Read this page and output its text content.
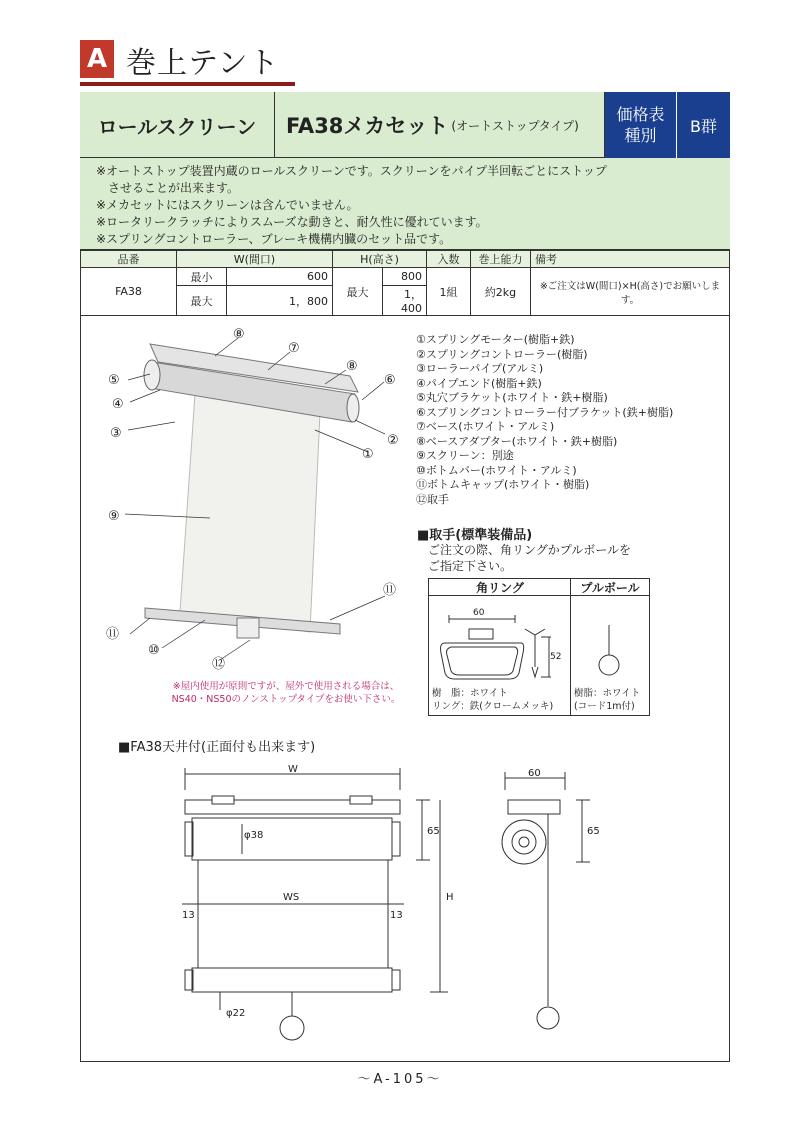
A 巻上テント
ロールスクリーン	FA38メカセット (オートストップタイプ)
価格表
種別	B群
※オートストップ装置内蔵のロールスクリーンです。スクリーンをパイプ半回転ごとにストップ
　させることが出来ます。
※メカセットにはスクリーンは含んでいません。
※ロータリークラッチによりスムーズな動きと、耐久性に優れています。
※スプリングコントローラー、ブレーキ機構内臓のセット品です。
品番	W(間口)		H(高さ)		入数	巻上能力	備考
FA38	最小	600	最大	800	1組	約2kg	※ご注文はW(間口)×H(高さ)でお願いします。
	最大	1，800		1，400			
⑧
⑦
⑧
⑥
⑤
④
③	②
①
⑨
⑪
⑪
⑩
⑫
①スプリングモーター(樹脂+鉄)
②スプリングコントローラー(樹脂)
③ローラーパイプ(アルミ)
④パイプエンド(樹脂+鉄)
⑤丸穴ブラケット(ホワイト・鉄+樹脂)
⑥スプリングコントローラー付ブラケット(鉄+樹脂)
⑦ベース(ホワイト・アルミ)
⑧ベースアダプター(ホワイト・鉄+樹脂)
⑨スクリーン：別途
⑩ボトムバー(ホワイト・アルミ)
⑪ボトムキャップ(ホワイト・樹脂)
⑫取手
■取手(標準装備品)
ご注文の際、角リングかプルボールを
ご指定下さい。
角リング	プルボール
60
52
樹　脂：ホワイト
リング：鉄(クロームメッキ)
樹脂：ホワイト
(コード1m付)
※屋内使用が原則ですが、屋外で使用される場合は、
NS40・NS50のノンストップタイプをお使い下さい。
■FA38天井付(正面付も出来ます)
W
φ38	65
WS
13	13
H
φ22
60
65
～A-105～
